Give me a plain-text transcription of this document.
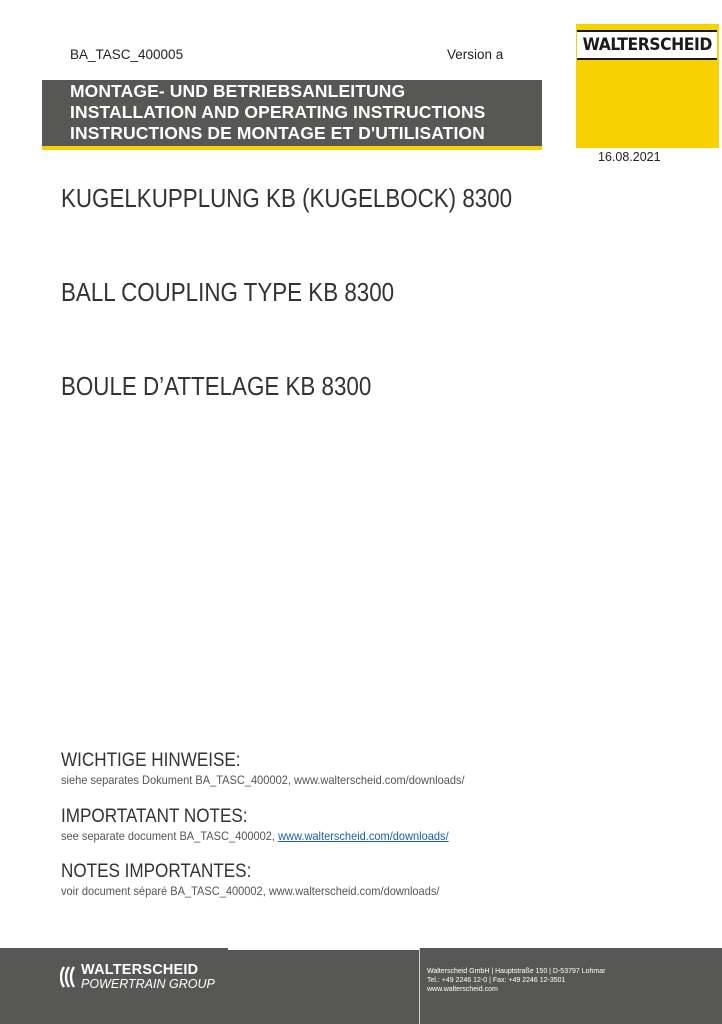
BA_TASC_400005	Version a	WALTERSCHEID
16.08.2021
MONTAGE- UND BETRIEBSANLEITUNG
INSTALLATION AND OPERATING INSTRUCTIONS
INSTRUCTIONS DE MONTAGE ET D'UTILISATION
KUGELKUPPLUNG KB (KUGELBOCK) 8300
BALL COUPLING TYPE KB 8300
BOULE D’ATTELAGE KB 8300
WICHTIGE HINWEISE:
siehe separates Dokument BA_TASC_400002, www.walterscheid.com/downloads/
IMPORTATANT NOTES:
see separate document BA_TASC_400002, www.walterscheid.com/downloads/
NOTES IMPORTANTES:
voir document séparé BA_TASC_400002, www.walterscheid.com/downloads/
WALTERSCHEID
POWERTRAIN GROUP
Walterscheid GmbH | Hauptstraße 150 | D-53797 Lohmar
Tel.: +49 2246 12-0 | Fax: +49 2246 12-3501
www.walterscheid.com
